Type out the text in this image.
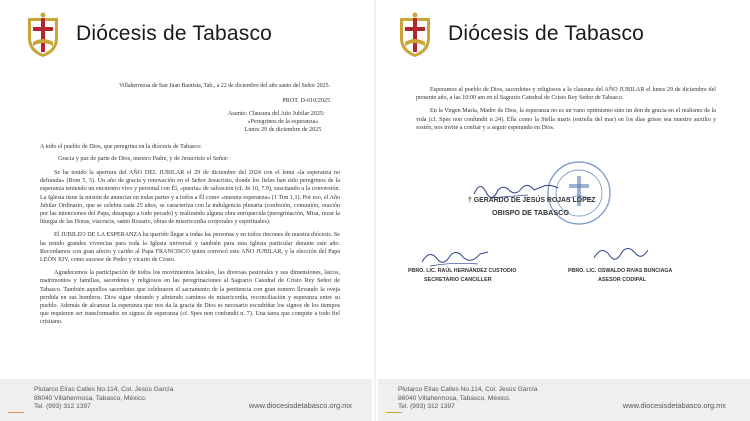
Diócesis de Tabasco
Villahermosa de San Juan Bautista, Tab., a 22 de diciembre del año santo del Señor 2025.
PROT. D-010/2025
Asunto: Clausura del Año Jubilar 2025:
«Peregrinos de la esperanza»
Lunes 29 de diciembre de 2025
A todo el pueblo de Dios, que peregrina en la diócesis de Tabasco:
Gracia y paz de parte de Dios, nuestro Padre, y de Jesucristo el Señor:

Se ha tenido la apertura del AÑO DEL JUBILAR el 29 de diciembre del 2024 con el lema «la esperanza no defrauda» (Rom 5, 5). Un año de gracia y renovación en el Señor Jesucristo, donde los fieles han sido peregrinos de la esperanza teniendo un encuentro vivo y personal con Él, «puerta» de salvación (cf. Jn 10, 7.9), suscitando a la conversión. La Iglesia tiene la misión de anunciar en todas partes y a todos a Él como «nuestra esperanza» (1 Tim 1,1). Por eso, el Año Jubilar Ordinario, que se celebra cada 25 años, se caracteriza con la indulgencia plenaria (confesión, comunión, oración por las intenciones del Papa, desapego a todo pecado) y realizando alguna obra enriquecida (peregrinación, Misa, rezar la liturgia de las Horas, viacrucis, santo Rosario, obras de misericordia corporales y espirituales).

El JUBILEO DE LA ESPERANZA ha querido llegar a todas las personas y en todos rincones de nuestra diócesis. Se ha tenido grandes vivencias para toda la Iglesia universal y también para esta Iglesia particular durante este año. Recordamos con gran afecto y cariño al Papa FRANCISCO quien convocó este AÑO JUBILAR, y la elección del Papa LEÓN XIV, como sucesor de Pedro y vicario de Cristo.

Agradecemos la participación de todos los movimientos laicales, las diversas pastorales y sus dimensiones, laicos, matrimonios y familias, sacerdotes y religiosos en las peregrinaciones al Sagrario Catedral de Cristo Rey Señor de Tabasco. También aquellos sacerdotes que celebraron el sacramento de la penitencia con gran esmero llevando la oveja perdida en sus hombros. Dios sigue obrando y abriendo caminos de misericordia, reconciliación y esperanza entre su pueblo. Además de alcanzar la esperanza que nos da la gracia de Dios es necesario escudriñar los signos de los tiempos que requieren ser transformados en signos de esperanza (cf. Spes non confundit n. 7). Una tarea que compete a todo fiel cristiano.

Plutarco Elías Calles No.114, Col. Jesús García
86040 Villahermosa, Tabasco, México.
Tel. (993) 312 1397	www.diocesisdetabasco.org.mx
Diócesis de Tabasco

Esperamos al pueblo de Dios, sacerdotes y religiosos a la clausura del AÑO JUBILAR el lunes 29 de diciembre del presente año, a las 10:00 am en el Sagrario Catedral de Cristo Rey Señor de Tabasco.

En la Virgen María, Madre de Dios, la esperanza no es un vano optimismo sino un don de gracia en el realismo de la vida (cf. Spes non confundit n 24). Ella como la Stella maris (estrella del mar) en los días grises sea nuestro auxilio y sostén, nos invite a confiar y a seguir esperando en Dios.

† GERARDO DE JESÚS ROJAS LÓPEZ
OBISPO DE TABASCO
PBRO. LIC. RAÚL HERNÁNDEZ CUSTODIO
SECRETARIO CANCILLER
PBRO. LIC. OSWALDO RIVAS BUNCIAGA
ASESOR CODIPAL
Plutarco Elías Calles No.114, Col. Jesús García
86040 Villahermosa, Tabasco, México.
Tel. (993) 312 1397	www.diocesisdetabasco.org.mx
